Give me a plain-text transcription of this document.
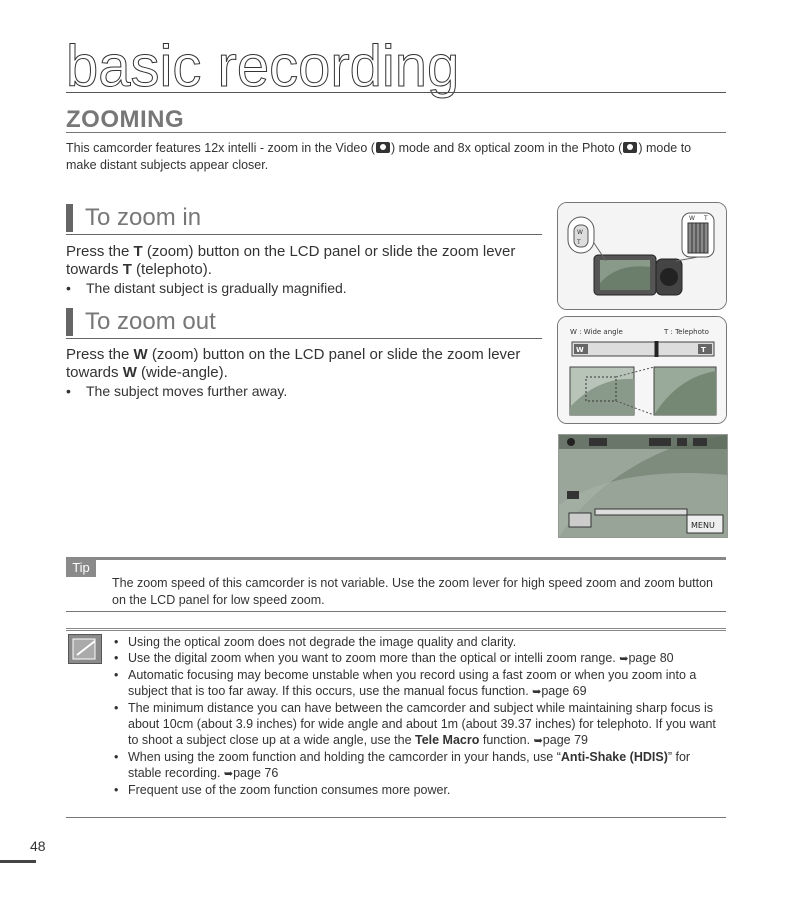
basic recording
ZOOMING
This camcorder features 12x intelli - zoom in the Video ( ) mode and 8x optical zoom in the Photo ( ) mode to make distant subjects appear closer.
To zoom in
Press the T (zoom) button on the LCD panel or slide the zoom lever towards T (telephoto).
• The distant subject is gradually magnified.
To zoom out
Press the W (zoom) button on the LCD panel or slide the zoom lever towards W (wide-angle).
• The subject moves further away.
W
T
W T
W : Wide angle	T : Telephoto
W	T
MENU
Tip
The zoom speed of this camcorder is not variable. Use the zoom lever for high speed zoom and zoom button on the LCD panel for low speed zoom.
• Using the optical zoom does not degrade the image quality and clarity.
• Use the digital zoom when you want to zoom more than the optical or intelli zoom range. ➥page 80
• Automatic focusing may become unstable when you record using a fast zoom or when you zoom into a subject that is too far away. If this occurs, use the manual focus function. ➥page 69
• The minimum distance you can have between the camcorder and subject while maintaining sharp focus is about 10cm (about 3.9 inches) for wide angle and about 1m (about 39.37 inches) for telephoto. If you want to shoot a subject close up at a wide angle, use the Tele Macro function. ➥page 79
• When using the zoom function and holding the camcorder in your hands, use “Anti-Shake (HDIS)” for stable recording. ➥page 76
• Frequent use of the zoom function consumes more power.
48
